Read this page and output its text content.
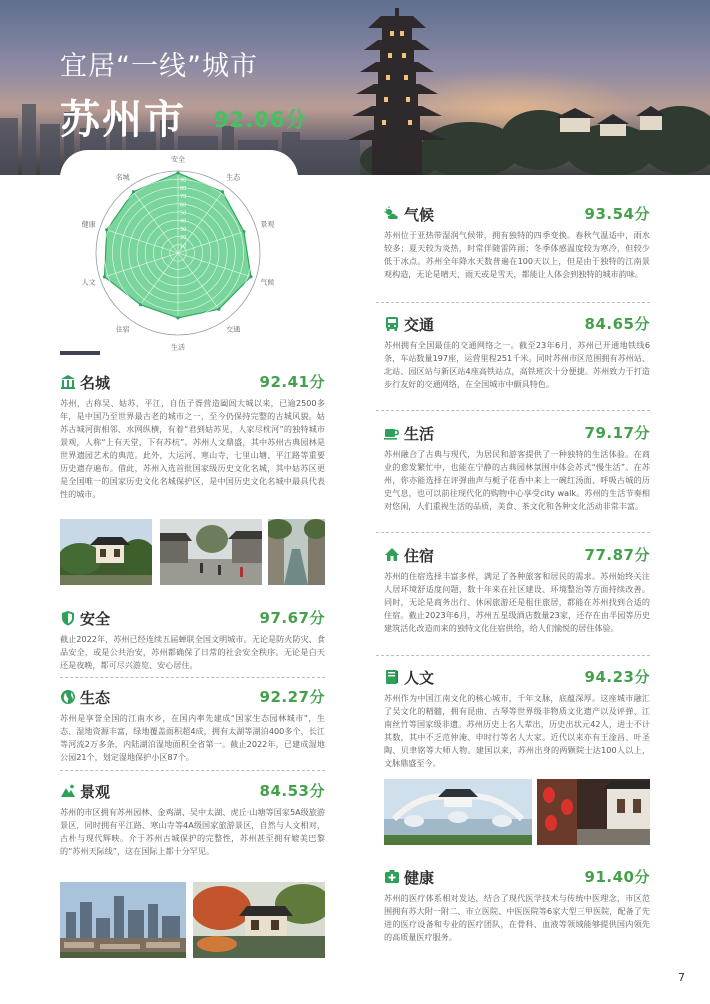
宜居“一线”城市
苏州市 92.06分
安全
生态
景观
气候
交通
生活
住宿
人文
健康
名城
10
20
30
40
50
60
70
80
90
名城	92.41分
苏州，古称吴、姑苏、平江，自伍子胥营造阖闾大城以来，已逾2500多年，是中国乃至世界最古老的城市之一，至今仍保持完整的古城风貌。姑苏古城河街相邻、水网纵横，有着“君到姑苏见，人家尽枕河”的独特城市景观，人称“上有天堂，下有苏杭”。苏州人文鼎盛，其中苏州古典园林是世界遗园艺术的典范。此外，大运河、寒山寺、七里山塘、平江路等重要历史遗存遍布。借此，苏州入选首批国家级历史文化名城，其中姑苏区更是全国唯一的国家历史文化名城保护区，是中国历史文化名城中最具代表性的城市。
安全	97.67分
截止2022年，苏州已经连续五届蝉联全国文明城市。无论是防火防灾、食品安全，或是公共治安，苏州都确保了日常的社会安全秩序。无论是白天还是夜晚，都可尽兴游览、安心居住。
生态	92.27分
苏州是享誉全国的江南水乡，在国内率先建成“国家生态园林城市”，生态、湿地资源丰富，绿地覆盖面积超4成，拥有太湖等湖泊400多个，长江等河流2万多条，内陆湖泊湿地面积全省第一。截止2022年，已建成湿地公园21个，划定湿地保护小区87个。
景观	84.53分
苏州的市区拥有苏州园林、金鸡湖、吴中太湖、虎丘·山塘等国家5A级旅游景区，同时拥有平江路、寒山寺等4A级国家旅游景区，自然与人文相对，古朴与现代辉映。介于苏州古城保护的完整性，苏州甚至拥有媲美巴黎的“苏州天际线”，这在国际上都十分罕见。
气候	93.54分
苏州位于亚热带湿润气候带，拥有独特的四季变换。春秋气温适中，雨水较多；夏天较为炎热，时常伴随雷阵雨；冬季体感温度较为寒冷，但较少低于冰点。苏州全年降水天数普遍在100天以上，但是由于独特的江南景观构造，无论是晴天、雨天或是雪天，都能让人体会到独特的城市韵味。
交通	84.65分
苏州拥有全国最佳的交通网络之一。截至23年6月，苏州已开通地铁线6条，车站数量197座，运营里程251千米。同时苏州市区范围拥有苏州站、北站、园区站与新区站4座高铁站点，高铁班次十分便捷。苏州致力于打造步行友好的交通网络，在全国城市中颇具特色。
生活	79.17分
苏州融合了古典与现代，为居民和游客提供了一种独特的生活体验。在商业的愈发繁忙中，也能在宁静的古典园林氛围中体会苏式“慢生活”。在苏州，你亦能选择在评弹曲声与栀子花香中来上一碗红汤面、呼吸古城的历史气息，也可以前往现代化的购物中心享受city walk。苏州的生活节奏相对悠闲，人们重视生活的品质，美食、茶文化和各种文化活动非常丰富。
住宿	77.87分
苏州的住宿选择丰富多样，满足了各种旅客和居民的需求。苏州始终关注人居环境舒适度问题，数十年来在社区建设、环境整治等方面持续改善。同时，无论是商务出行、休闲旅游还是租住旅居，都能在苏州找到合适的住宿。截止2023年6月，苏州五星级酒店数量23家，还存在由半园等历史建筑活化改造而来的独特文化住宿供给，给人们愉悦的居住体验。
人文	94.23分
苏州作为中国江南文化的核心城市，千年文脉，底蕴深厚。这座城市融汇了吴文化的精髓，拥有昆曲、古琴等世界级非物质文化遗产以及评弹、江南丝竹等国家级非遗。苏州历史上名人辈出，历史出状元42人，进士不计其数，其中不乏范仲淹、申时行等名人大家。近代以来亦有王淦昌、叶圣陶、贝聿铭等大师人物。建国以来，苏州出身的两颗院士达100人以上，文脉鼎盛至今。
健康	91.40分
苏州的医疗体系相对发达，结合了现代医学技术与传统中医理念，市区范围拥有苏大附一附二、市立医院、中医医院等6家大型三甲医院，配备了先进的医疗设备和专业的医疗团队，在骨科、血液等领域能够提供国内领先的高质量医疗服务。
7
